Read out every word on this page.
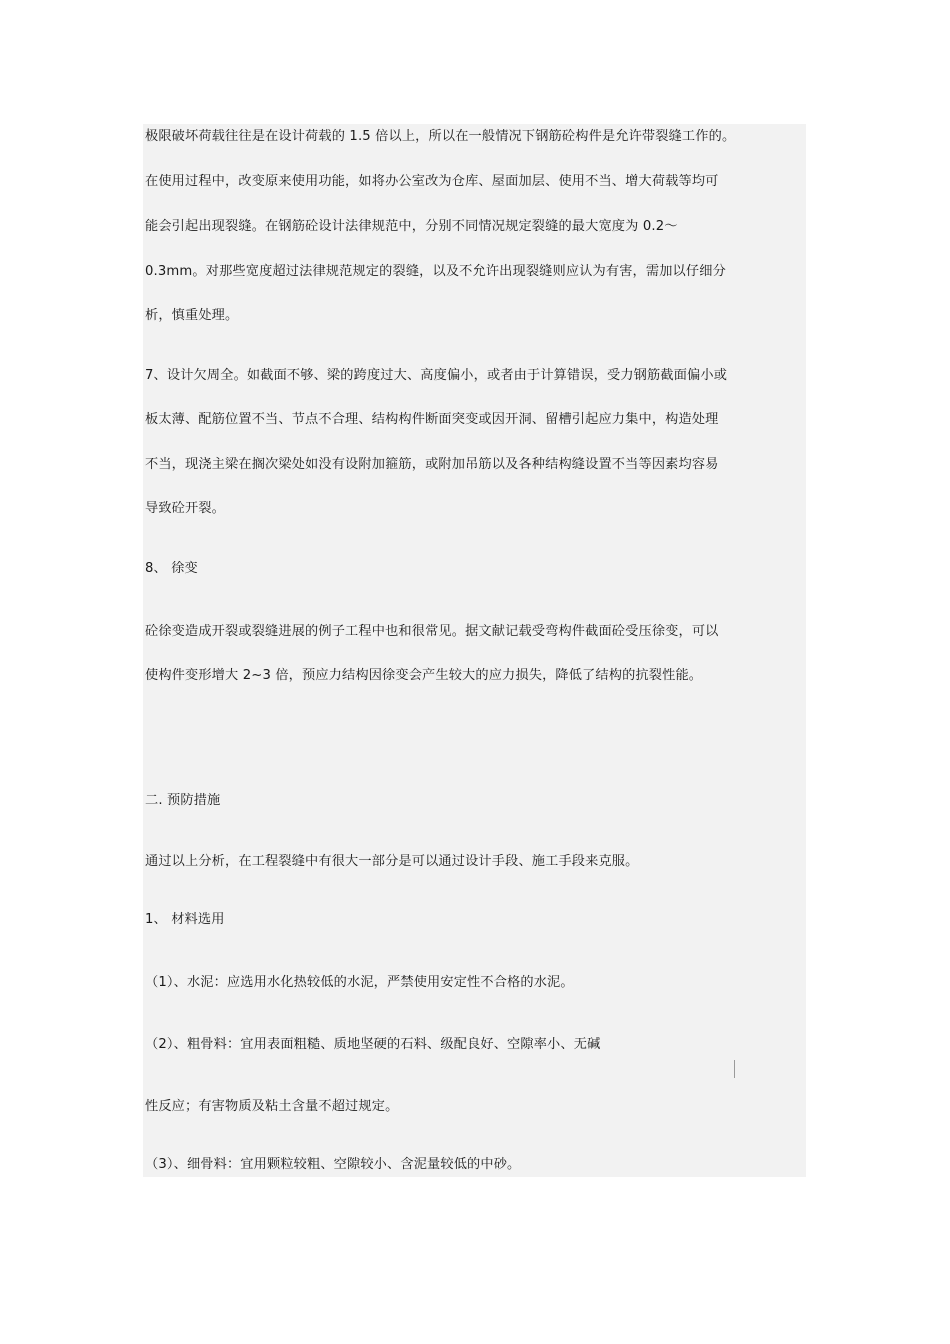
极限破坏荷载往往是在设计荷载的 1.5 倍以上，所以在一般情况下钢筋砼构件是允许带裂缝工作的。

在使用过程中，改变原来使用功能，如将办公室改为仓库、屋面加层、使用不当、增大荷载等均可

能会引起出现裂缝。在钢筋砼设计法律规范中，分别不同情况规定裂缝的最大宽度为 0.2～

0.3mm。对那些宽度超过法律规范规定的裂缝，以及不允许出现裂缝则应认为有害，需加以仔细分

析，慎重处理。

7、设计欠周全。如截面不够、梁的跨度过大、高度偏小，或者由于计算错误，受力钢筋截面偏小或

板太薄、配筋位置不当、节点不合理、结构构件断面突变或因开洞、留槽引起应力集中，构造处理

不当，现浇主梁在搁次梁处如没有设附加箍筋，或附加吊筋以及各种结构缝设置不当等因素均容易

导致砼开裂。

8、 徐变

砼徐变造成开裂或裂缝进展的例子工程中也和很常见。据文献记载受弯构件截面砼受压徐变，可以

使构件变形增大 2~3 倍，预应力结构因徐变会产生较大的应力损失，降低了结构的抗裂性能。

二. 预防措施

通过以上分析，在工程裂缝中有很大一部分是可以通过设计手段、施工手段来克服。

1、 材料选用

（1）、水泥：应选用水化热较低的水泥，严禁使用安定性不合格的水泥。

（2）、粗骨料：宜用表面粗糙、质地坚硬的石料、级配良好、空隙率小、无碱

性反应；有害物质及粘土含量不超过规定。

（3）、细骨料：宜用颗粒较粗、空隙较小、含泥量较低的中砂。
